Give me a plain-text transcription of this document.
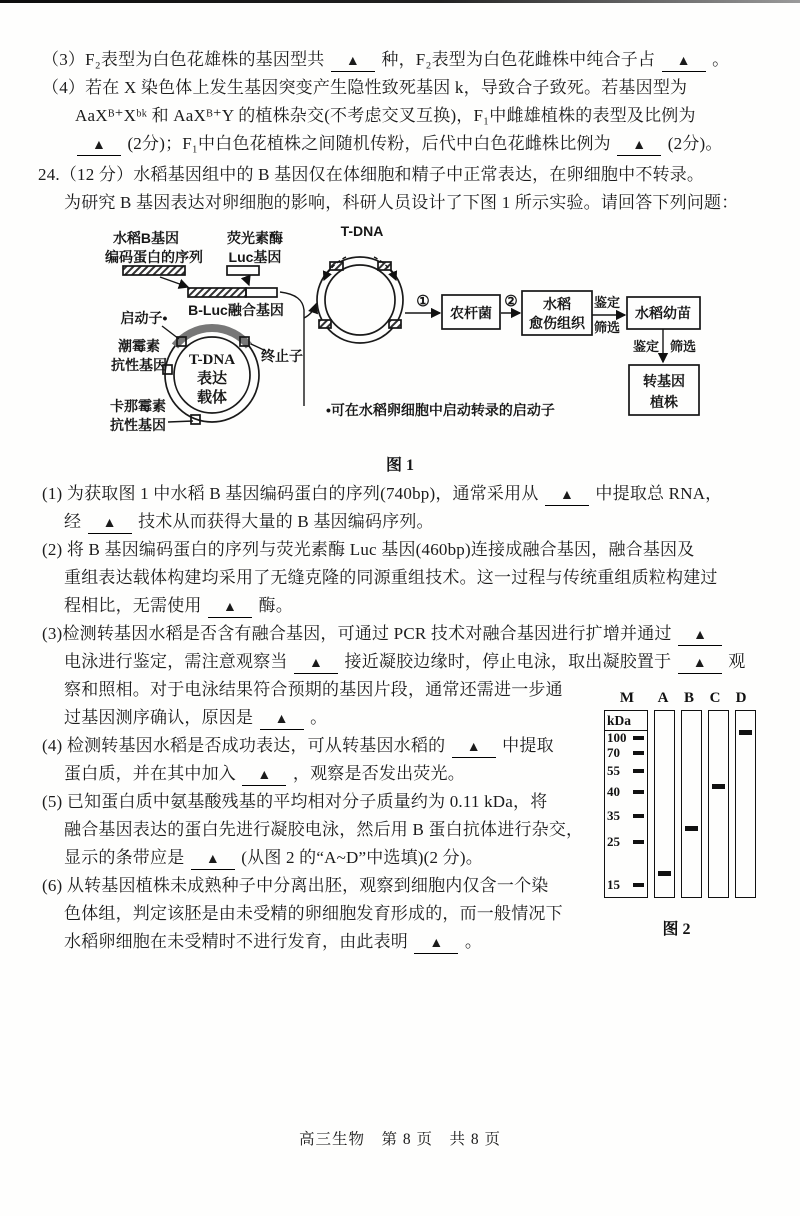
（3）F₂表型为白色花雄株的基因型共 ▲ 种，F₂表型为白色花雌株中纯合子占 ▲ 。
（4）若在 X 染色体上发生基因突变产生隐性致死基因 k，导致合子致死。若基因型为
AaXᴮ⁺Xᵇᵏ 和 AaXᴮ⁺Y 的植株杂交(不考虑交叉互换)，F₁中雌雄植株的表型及比例为
▲ (2分)；F₁中白色花植株之间随机传粉，后代中白色花雌株比例为 ▲ (2分)。
24.（12 分）水稻基因组中的 B 基因仅在体细胞和精子中正常表达，在卵细胞中不转录。
为研究 B 基因表达对卵细胞的影响，科研人员设计了下图 1 所示实验。请回答下列问题：
水稻B基因
编码蛋白的序列
荧光素酶
Luc基因
B-Luc融合基因
T-DNA
表达
载体
启动子•
潮霉素
抗性基因
卡那霉素
抗性基因
终止子
T-DNA
①
农杆菌
② 水稻
愈伤组织
鉴定
筛选
水稻幼苗
鉴定 筛选
转基因
植株
•可在水稻卵细胞中启动转录的启动子
图 1
(1) 为获取图 1 中水稻 B 基因编码蛋白的序列(740bp)，通常采用从 ▲ 中提取总 RNA，
经 ▲ 技术从而获得大量的 B 基因编码序列。
(2) 将 B 基因编码蛋白的序列与荧光素酶 Luc 基因(460bp)连接成融合基因，融合基因及
重组表达载体构建均采用了无缝克隆的同源重组技术。这一过程与传统重组质粒构建过
程相比，无需使用 ▲ 酶。
(3)检测转基因水稻是否含有融合基因，可通过 PCR 技术对融合基因进行扩增并通过 ▲
电泳进行鉴定，需注意观察当 ▲ 接近凝胶边缘时，停止电泳，取出凝胶置于 ▲ 观
察和照相。对于电泳结果符合预期的基因片段，通常还需进一步通
过基因测序确认，原因是 ▲ 。
(4) 检测转基因水稻是否成功表达，可从转基因水稻的 ▲ 中提取
蛋白质，并在其中加入 ▲ ，观察是否发出荧光。
(5) 已知蛋白质中氨基酸残基的平均相对分子质量约为 0.11 kDa，将
融合基因表达的蛋白先进行凝胶电泳，然后用 B 蛋白抗体进行杂交，
显示的条带应是 ▲ (从图 2 的“A~D”中选填)(2 分)。
(6) 从转基因植株未成熟种子中分离出胚，观察到细胞内仅含一个染
色体组，判定该胚是由未受精的卵细胞发育形成的，而一般情况下
水稻卵细胞在未受精时不进行发育，由此表明 ▲ 。
M	A	B	C	D
kDa
100
70
55
40
35
25
15
图 2
高三生物　第 8 页　共 8 页
